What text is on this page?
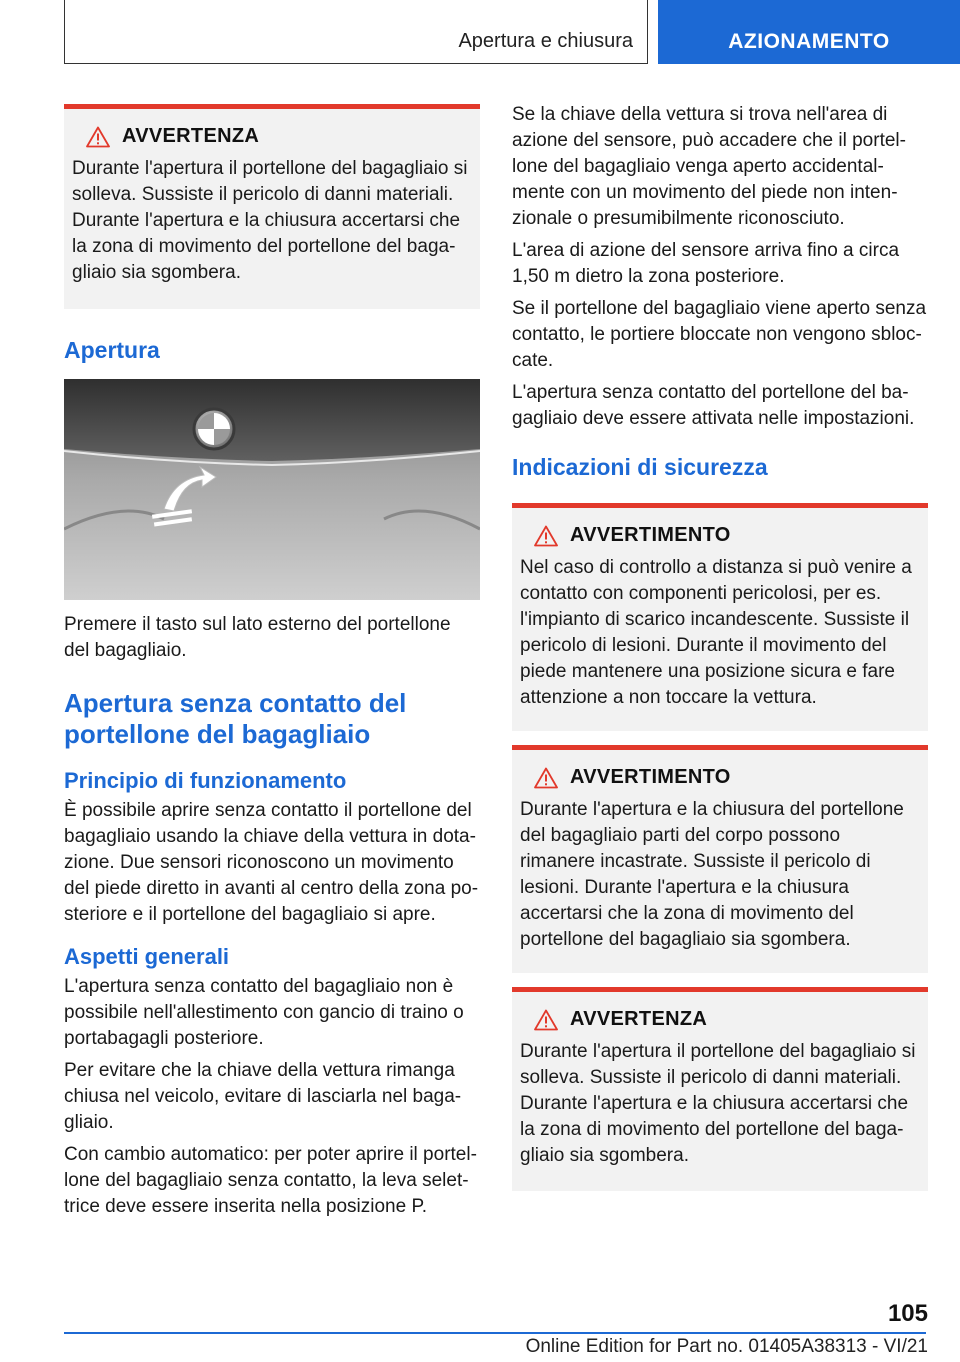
Apertura e chiusura	AZIONAMENTO
AVVERTENZA

Durante l'apertura il portellone del bagagliaio si solleva. Sussiste il pericolo di danni materiali. Durante l'apertura e la chiusura accertarsi che la zona di movimento del portellone del bagagliaio sia sgombera.

Apertura

Premere il tasto sul lato esterno del portellone del bagagliaio.

Apertura senza contatto del portellone del bagagliaio
Principio di funzionamento

È possibile aprire senza contatto il portellone del bagagliaio usando la chiave della vettura in dotazione. Due sensori riconoscono un movimento del piede diretto in avanti al centro della zona posteriore e il portellone del bagagliaio si apre.

Aspetti generali

L'apertura senza contatto del bagagliaio non è possibile nell'allestimento con gancio di traino o portabagagli posteriore.

Per evitare che la chiave della vettura rimanga chiusa nel veicolo, evitare di lasciarla nel bagagliaio.

Con cambio automatico: per poter aprire il portellone del bagagliaio senza contatto, la leva selettrice deve essere inserita nella posizione P.

Se la chiave della vettura si trova nell'area di azione del sensore, può accadere che il portellone del bagagliaio venga aperto accidentalmente con un movimento del piede non intenzionale o presumibilmente riconosciuto.

L'area di azione del sensore arriva fino a circa 1,50 m dietro la zona posteriore.

Se il portellone del bagagliaio viene aperto senza contatto, le portiere bloccate non vengono sbloccate.

L'apertura senza contatto del portellone del bagagliaio deve essere attivata nelle impostazioni.

Indicazioni di sicurezza
AVVERTIMENTO

Nel caso di controllo a distanza si può venire a contatto con componenti pericolosi, per es. l'impianto di scarico incandescente. Sussiste il pericolo di lesioni. Durante il movimento del piede mantenere una posizione sicura e fare attenzione a non toccare la vettura.

AVVERTIMENTO

Durante l'apertura e la chiusura del portellone del bagagliaio parti del corpo possono rimanere incastrate. Sussiste il pericolo di lesioni. Durante l'apertura e la chiusura accertarsi che la zona di movimento del portellone del bagagliaio sia sgombera.

AVVERTENZA

Durante l'apertura il portellone del bagagliaio si solleva. Sussiste il pericolo di danni materiali. Durante l'apertura e la chiusura accertarsi che la zona di movimento del portellone del bagagliaio sia sgombera.

105
Online Edition for Part no. 01405A38313 - VI/21
